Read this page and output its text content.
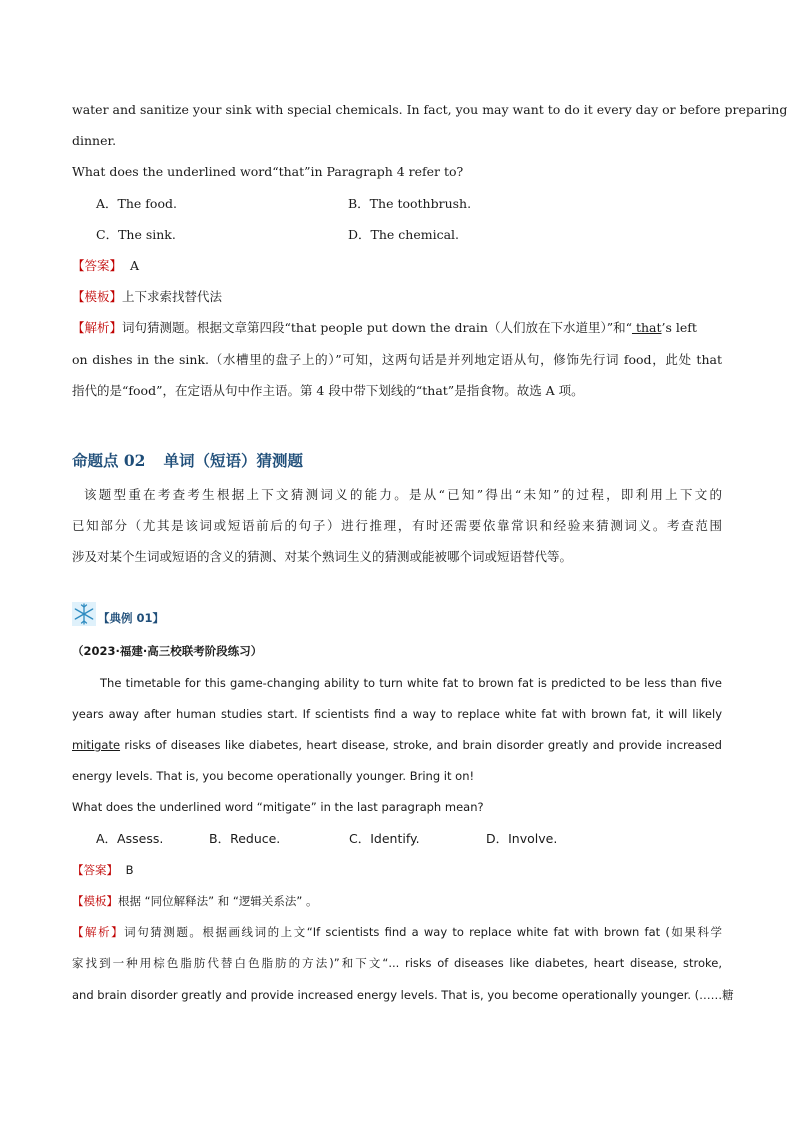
water and sanitize your sink with special chemicals. In fact, you may want to do it every day or before preparing
dinner.
What does the underlined word“that”in Paragraph 4 refer to?
A．The food.	B．The toothbrush.
C．The sink.	D．The chemical.
【答案】 A
【模板】上下求索找替代法
【解析】词句猜测题。根据文章第四段“that people put down the drain（人们放在下水道里）”和“ that’s left
on dishes in the sink.（水槽里的盘子上的）”可知，这两句话是并列地定语从句，修饰先行词 food，此处 that
指代的是“food”，在定语从句中作主语。第 4 段中带下划线的“that”是指食物。故选 A 项。
命题点 02 单词（短语）猜测题
该题型重在考查考生根据上下文猜测词义的能力。是从“已知”得出“未知”的过程，即利用上下文的
已知部分（尤其是该词或短语前后的句子）进行推理，有时还需要依靠常识和经验来猜测词义。考查范围
涉及对某个生词或短语的含义的猜测、对某个熟词生义的猜测或能被哪个词或短语替代等。
【典例 01】
（2023·福建·高三校联考阶段练习）
The timetable for this game-changing ability to turn white fat to brown fat is predicted to be less than five
years away after human studies start. If scientists find a way to replace white fat with brown fat, it will likely
mitigate risks of diseases like diabetes, heart disease, stroke, and brain disorder greatly and provide increased
energy levels. That is, you become operationally younger. Bring it on!
What does the underlined word “mitigate” in the last paragraph mean?
A．Assess.	B．Reduce.	C．Identify.	D．Involve.
【答案】 B
【模板】根据 “同位解释法” 和 “逻辑关系法” 。
【解析】词句猜测题。根据画线词的上文“If scientists find a way to replace white fat with brown fat (如果科学
家找到一种用棕色脂肪代替白色脂肪的方法)”和下文“... risks of diseases like diabetes, heart disease, stroke,
and brain disorder greatly and provide increased energy levels. That is, you become operationally younger. (……糖
